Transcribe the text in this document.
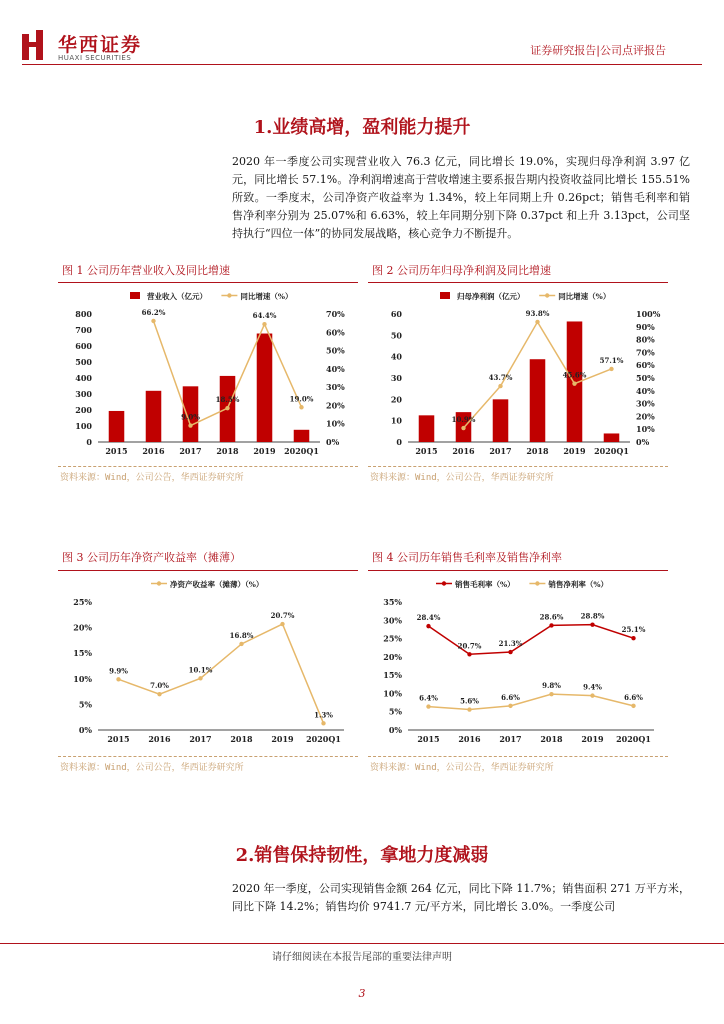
华西证券
HUAXI SECURITIES
证券研究报告|公司点评报告
1.业绩高增，盈利能力提升
2020 年一季度公司实现营业收入 76.3 亿元，同比增长 19.0%，实现归母净利润 3.97 亿元，同比增长 57.1%。净利润增速高于营收增速主要系报告期内投资收益同比增长 155.51%所致。一季度末，公司净资产收益率为 1.34%，较上年同期上升 0.26pct；销售毛利率和销售净利率分别为 25.07%和 6.63%，较上年同期分别下降 0.37pct 和上升 3.13pct，公司坚持执行“四位一体”的协同发展战略，核心竞争力不断提升。
图 1 公司历年营业收入及同比增速	图 2 公司历年归母净利润及同比增速
0
100
200
300
400
500
600
700
800
0%
10%
20%
30%
40%
50%
60%
70%
2015 2016 2017 2018 2019 2020Q1
营业收入（亿元）	同比增速（%）
66.2%
9.0%
18.5%
64.4%
19.0%
0
10
20
30
40
50
60
0%
10%
20%
30%
40%
50%
60%
70%
80%
90%
100%
2015 2016 2017 2018 2019 2020Q1
归母净利润（亿元）	同比增速（%）
10.9%
43.7%
93.8%
45.6%
57.1%
资料来源：Wind，公司公告，华西证券研究所	资料来源：Wind，公司公告，华西证券研究所
图 3 公司历年净资产收益率（摊薄）	图 4 公司历年销售毛利率及销售净利率
0%
5%
10%
15%
20%
25%
2015 2016 2017 2018 2019 2020Q1
净资产收益率（摊薄）（%）
9.9%
7.0%
10.1%
16.8%
20.7%
1.3%
0%
5%
10%
15%
20%
25%
30%
35%
2015 2016 2017 2018 2019 2020Q1
销售毛利率（%）	销售净利率（%）
28.4%
20.7% 21.3%
28.6% 28.8%
25.1%
6.4%	5.6%	6.6%
9.8%	9.4%
6.6%
资料来源：Wind，公司公告，华西证券研究所	资料来源：Wind，公司公告，华西证券研究所
2.销售保持韧性，拿地力度减弱
2020 年一季度，公司实现销售金额 264 亿元，同比下降 11.7%；销售面积 271 万平方米，同比下降 14.2%；销售均价 9741.7 元/平方米，同比增长 3.0%。一季度公司
请仔细阅读在本报告尾部的重要法律声明
3
